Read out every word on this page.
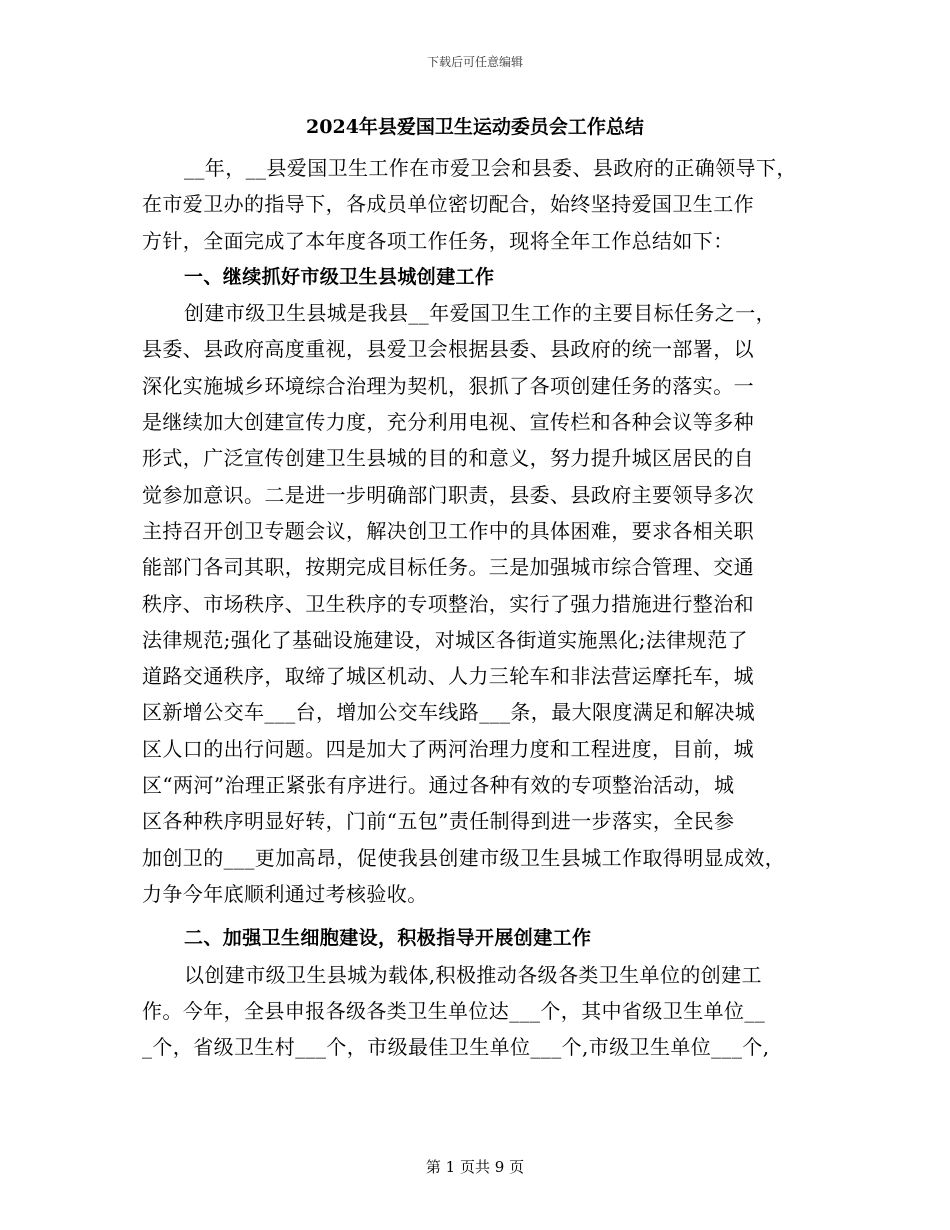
下载后可任意编辑
2024年县爱国卫生运动委员会工作总结
__年，__县爱国卫生工作在市爱卫会和县委、县政府的正确领导下，
在市爱卫办的指导下，各成员单位密切配合，始终坚持爱国卫生工作
方针，全面完成了本年度各项工作任务，现将全年工作总结如下：
一、继续抓好市级卫生县城创建工作
创建市级卫生县城是我县__年爱国卫生工作的主要目标任务之一，
县委、县政府高度重视，县爱卫会根据县委、县政府的统一部署，以
深化实施城乡环境综合治理为契机，狠抓了各项创建任务的落实。一
是继续加大创建宣传力度，充分利用电视、宣传栏和各种会议等多种
形式，广泛宣传创建卫生县城的目的和意义，努力提升城区居民的自
觉参加意识。二是进一步明确部门职责，县委、县政府主要领导多次
主持召开创卫专题会议，解决创卫工作中的具体困难，要求各相关职
能部门各司其职，按期完成目标任务。三是加强城市综合管理、交通
秩序、市场秩序、卫生秩序的专项整治，实行了强力措施进行整治和
法律规范;强化了基础设施建设，对城区各街道实施黑化;法律规范了
道路交通秩序，取缔了城区机动、人力三轮车和非法营运摩托车，城
区新增公交车___台，增加公交车线路___条，最大限度满足和解决城
区人口的出行问题。四是加大了两河治理力度和工程进度，目前，城
区“两河”治理正紧张有序进行。通过各种有效的专项整治活动，城
区各种秩序明显好转，门前“五包”责任制得到进一步落实，全民参
加创卫的___更加高昂，促使我县创建市级卫生县城工作取得明显成效，
力争今年底顺利通过考核验收。
二、加强卫生细胞建设，积极指导开展创建工作
以创建市级卫生县城为载体,积极推动各级各类卫生单位的创建工
作。今年，全县申报各级各类卫生单位达___个，其中省级卫生单位__
_个，省级卫生村___个，市级最佳卫生单位___个,市级卫生单位___个,
第 1 页共 9 页
